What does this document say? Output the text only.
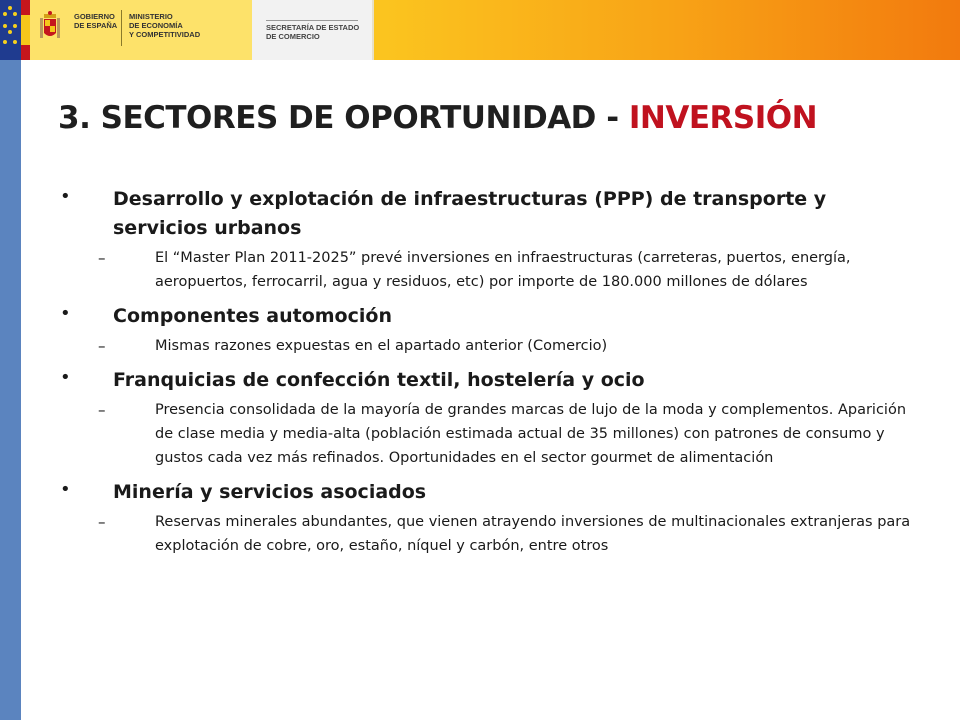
GOBIERNO
DE ESPAÑA
MINISTERIO
DE ECONOMÍA
Y COMPETITIVIDAD
SECRETARÍA DE ESTADO
DE COMERCIO
3. SECTORES DE OPORTUNIDAD - INVERSIÓN
• Desarrollo y explotación de infraestructuras (PPP) de transporte y servicios urbanos
–	El “Master Plan 2011-2025” prevé inversiones en infraestructuras (carreteras, puertos, energía, aeropuertos, ferrocarril, agua y residuos, etc) por importe de 180.000 millones de dólares
• Componentes automoción
–	Mismas razones expuestas en el apartado anterior (Comercio)
• Franquicias de confección textil, hostelería y ocio
–	Presencia consolidada de la mayoría de grandes marcas de lujo de la moda y complementos. Aparición de clase media y media-alta (población estimada actual de 35 millones) con patrones de consumo y gustos cada vez más refinados. Oportunidades en el sector gourmet de alimentación
• Minería y servicios asociados
–	Reservas minerales abundantes, que vienen atrayendo inversiones de multinacionales extranjeras para explotación de cobre, oro, estaño, níquel y carbón, entre otros
